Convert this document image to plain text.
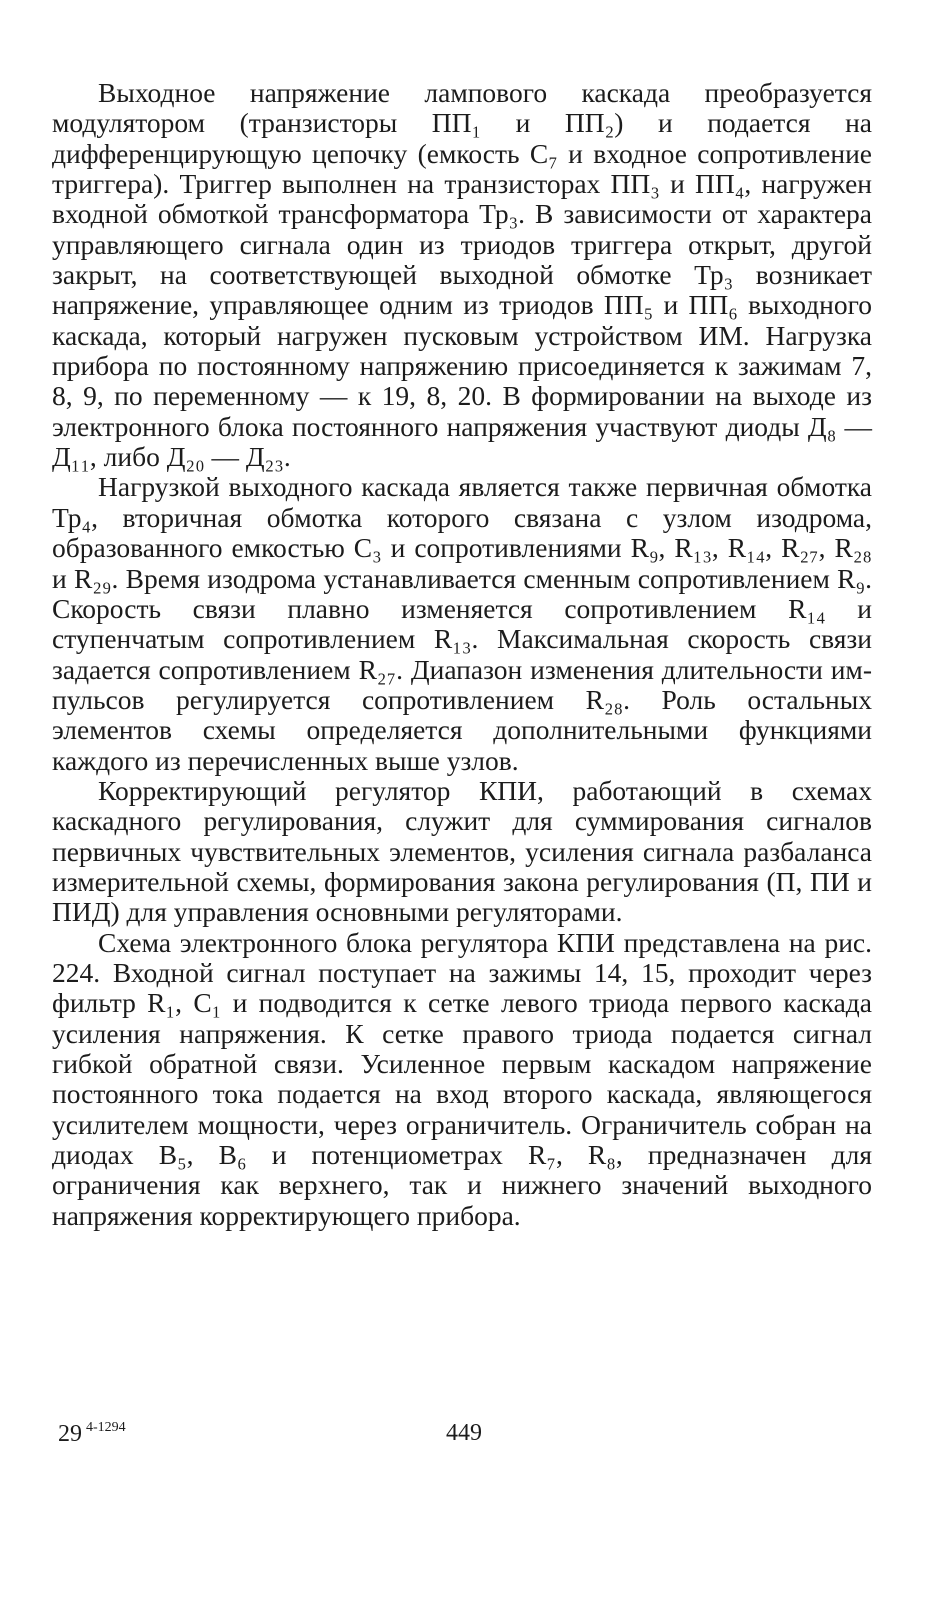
Выходное напряжение лампового каскада преобразуется модулятором (транзисторы ПП₁ и ПП₂) и подается на дифференцирующую цепочку (емкость C₇ и входное сопротивление триггера). Триггер выполнен на транзисторах ПП₃ и ПП₄, нагружен входной обмоткой трансформатора Тр₃. В зависимости от характера управляющего сигнала один из триодов триггера открыт, другой закрыт, на соответствующей выходной обмотке Тр₃ возникает напряжение, управляющее одним из триодов ПП₅ и ПП₆ выходного каскада, который нагружен пусковым устройством ИМ. Нагрузка прибора по постоянному напряжению присоединяется к зажимам 7, 8, 9, по переменному — к 19, 8, 20. В формировании на выходе из электронного блока постоянного напряжения участвуют диоды Д₈ — Д₁₁, либо Д₂₀ — Д₂₃.

Нагрузкой выходного каскада является также первичная обмотка Тр₄, вторичная обмотка которого связана с узлом изодрома, образованного емкостью C₃ и сопротивлениями R₉, R₁₃, R₁₄, R₂₇, R₂₈ и R₂₉. Время изодрома устанавливается сменным сопротивлением R₉. Скорость связи плавно изменяется сопротивлением R₁₄ и ступенчатым сопротивлением R₁₃. Максимальная скорость связи задается сопротивлением R₂₇. Диапазон изменения длительности импульсов регулируется сопротивлением R₂₈. Роль остальных элементов схемы определяется дополнительными функциями каждого из перечисленных выше узлов.

Корректирующий регулятор КПИ, работающий в схемах каскадного регулирования, служит для суммирования сигналов первичных чувствительных элементов, усиления сигнала разбаланса измерительной схемы, формирования закона регулирования (П, ПИ и ПИД) для управления основными регуляторами.

Схема электронного блока регулятора КПИ представлена на рис. 224. Входной сигнал поступает на зажимы 14, 15, проходит через фильтр R₁, C₁ и подводится к сетке левого триода первого каскада усиления напряжения. К сетке правого триода подается сигнал гибкой обратной связи. Усиленное первым каскадом напряжение постоянного тока подается на вход второго каскада, являющегося усилителем мощности, через ограничитель. Ограничитель собран на диодах B₅, B₆ и потенциометрах R₇, R₈, предназначен для ограничения как верхнего, так и нижнего значений выходного напряжения корректирующего прибора.

29 $^{4-1294}$	449
